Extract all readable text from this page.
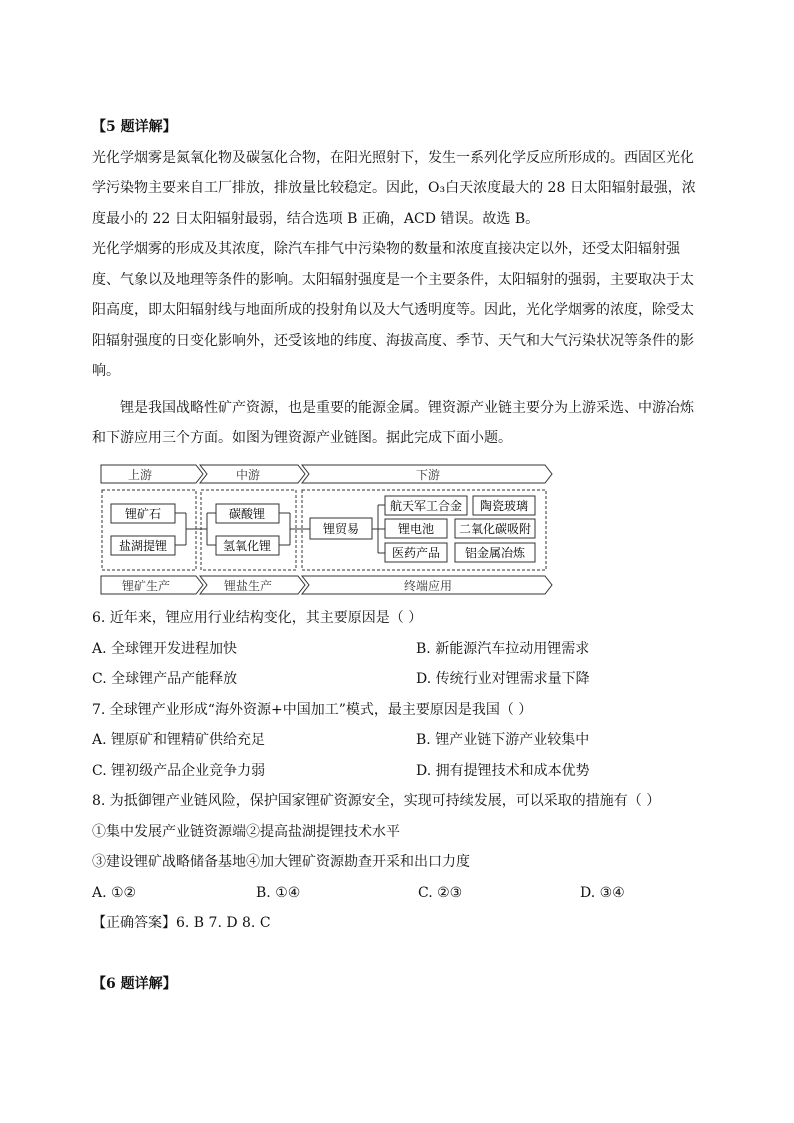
【5 题详解】
光化学烟雾是氮氧化物及碳氢化合物，在阳光照射下，发生一系列化学反应所形成的。西固区光化
学污染物主要来自工厂排放，排放量比较稳定。因此，O₃白天浓度最大的 28 日太阳辐射最强，浓
度最小的 22 日太阳辐射最弱，结合选项 B 正确，ACD 错误。故选 B。
光化学烟雾的形成及其浓度，除汽车排气中污染物的数量和浓度直接决定以外，还受太阳辐射强
度、气象以及地理等条件的影响。太阳辐射强度是一个主要条件，太阳辐射的强弱，主要取决于太
阳高度，即太阳辐射线与地面所成的投射角以及大气透明度等。因此，光化学烟雾的浓度，除受太
阳辐射强度的日变化影响外，还受该地的纬度、海拔高度、季节、天气和大气污染状况等条件的影
响。
锂是我国战略性矿产资源，也是重要的能源金属。锂资源产业链主要分为上游采选、中游冶炼
和下游应用三个方面。如图为锂资源产业链图。据此完成下面小题。
上游	中游	下游
锂矿石
盐湖提锂
碳酸锂
氢氧化锂
锂贸易
航天军工合金
锂电池
医药产品
陶瓷玻璃
二氧化碳吸附
铝金属冶炼
锂矿生产	锂盐生产	终端应用
6. 近年来，锂应用行业结构变化，其主要原因是（ ）
A. 全球锂开发进程加快	B. 新能源汽车拉动用锂需求
C. 全球锂产品产能释放	D. 传统行业对锂需求量下降
7. 全球锂产业形成“海外资源+中国加工”模式，最主要原因是我国（ ）
A. 锂原矿和锂精矿供给充足	B. 锂产业链下游产业较集中
C. 锂初级产品企业竞争力弱	D. 拥有提锂技术和成本优势
8. 为抵御锂产业链风险，保护国家锂矿资源安全，实现可持续发展，可以采取的措施有（ ）
①集中发展产业链资源端②提高盐湖提锂技术水平
③建设锂矿战略储备基地④加大锂矿资源勘查开采和出口力度
A. ①②	B. ①④	C. ②③	D. ③④
【正确答案】6. B 7. D 8. C
【6 题详解】
